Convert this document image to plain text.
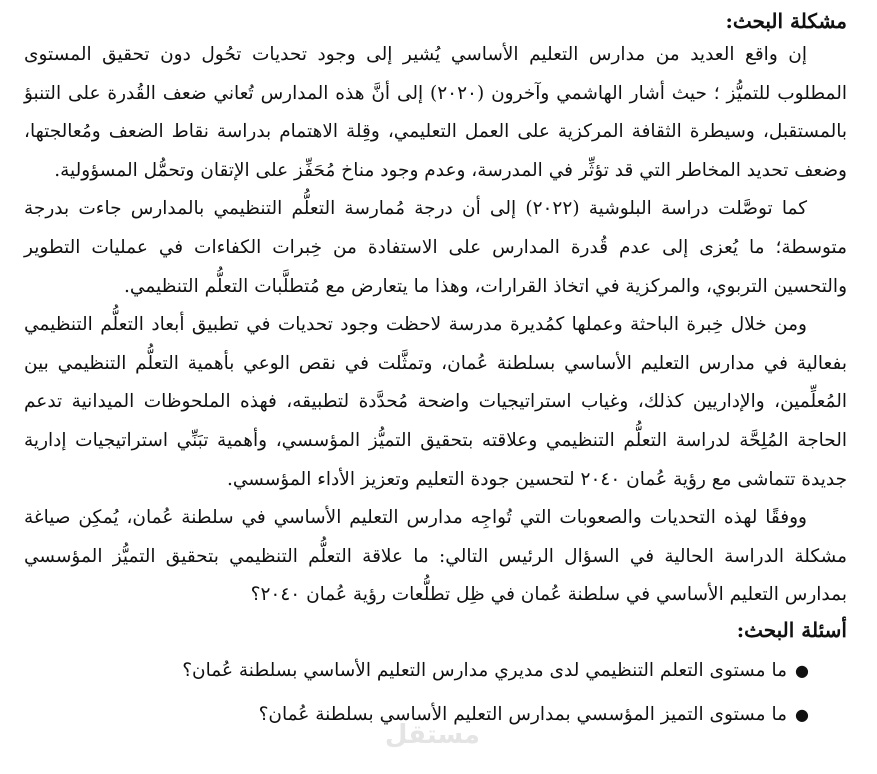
مشكلة البحث:

إن واقع العديد من مدارس التعليم الأساسي يُشير إلى وجود تحديات تحُول دون تحقيق المستوى المطلوب للتميُّز ؛ حيث أشار الهاشمي وآخرون (٢٠٢٠) إلى أنَّ هذه المدارس تُعاني ضعف القُدرة على التنبؤ بالمستقبل، وسيطرة الثقافة المركزية على العمل التعليمي، وقِلة الاهتمام بدراسة نقاط الضعف ومُعالجتها، وضعف تحديد المخاطر التي قد تؤثِّر في المدرسة، وعدم وجود مناخ مُحَفِّز على الإتقان وتحمُّل المسؤولية.

كما توصَّلت دراسة البلوشية (٢٠٢٢) إلى أن درجة مُمارسة التعلُّم التنظيمي بالمدارس جاءت بدرجة متوسطة؛ ما يُعزى إلى عدم قُدرة المدارس على الاستفادة من خِبرات الكفاءات في عمليات التطوير والتحسين التربوي، والمركزية في اتخاذ القرارات، وهذا ما يتعارض مع مُتطلَّبات التعلُّم التنظيمي.

ومن خلال خِبرة الباحثة وعملها كمُديرة مدرسة لاحظت وجود تحديات في تطبيق أبعاد التعلُّم التنظيمي بفعالية في مدارس التعليم الأساسي بسلطنة عُمان، وتمثَّلت في نقص الوعي بأهمية التعلُّم التنظيمي بين المُعلِّمين، والإداريين كذلك، وغياب استراتيجيات واضحة مُحدَّدة لتطبيقه، فهذه الملحوظات الميدانية تدعم الحاجة المُلِحَّة لدراسة التعلُّم التنظيمي وعلاقته بتحقيق التميُّز المؤسسي، وأهمية تبَنِّي استراتيجيات إدارية جديدة تتماشى مع رؤية عُمان ٢٠٤٠ لتحسين جودة التعليم وتعزيز الأداء المؤسسي.

ووفقًا لهذه التحديات والصعوبات التي تُواجِه مدارس التعليم الأساسي في سلطنة عُمان، يُمكِن صياغة مشكلة الدراسة الحالية في السؤال الرئيس التالي: ما علاقة التعلُّم التنظيمي بتحقيق التميُّز المؤسسي بمدارس التعليم الأساسي في سلطنة عُمان في ظِل تطلُّعات رؤية عُمان ٢٠٤٠؟

أسئلة البحث:
●
ما مستوى التعلم التنظيمي لدى مديري مدارس التعليم الأساسي بسلطنة عُمان؟
●
ما مستوى التميز المؤسسي بمدارس التعليم الأساسي بسلطنة عُمان؟
مستقل
